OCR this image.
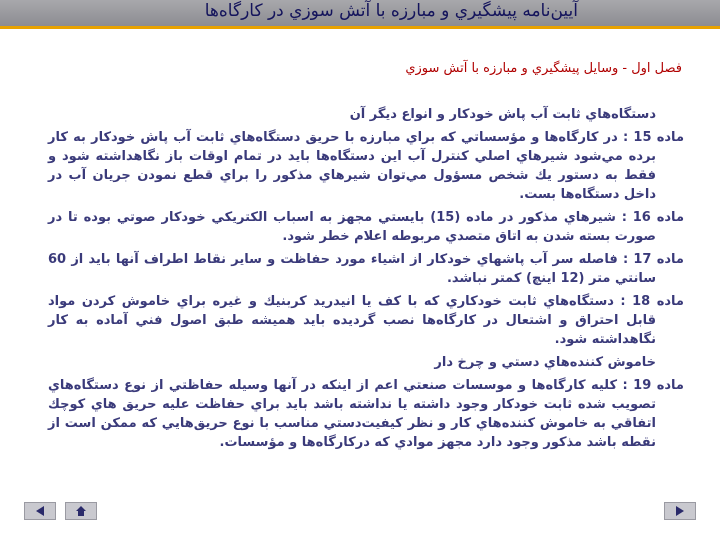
آيين‌نامه پيشگيري و مبارزه با آتش سوزي در كارگاه‌ها
فصل اول - وسايل پيشگيري و مبارزه با آتش سوزي
دستگاه‌هاي ثابت آب پاش خودكار و انواع ديگر آن
ماده 15 : در كارگاه‌ها و مؤسساتي كه براي مبارزه با حريق دستگاه‌هاي ثابت آب پاش خودكار به كار برده مي‌شود شيرهاي اصلي كنترل آب اين دستگاه‌ها بايد در تمام اوقات باز نگاهداشته شود و فقط به دستور يك شخص مسؤول مي‌توان شيرهاي مذكور را براي قطع نمودن جريان آب در داخل دستگاه‌ها بست.
ماده 16 : شيرهاي مذكور در ماده (15) بايستي مجهز به اسباب الكتريكي خودكار صوتي بوده تا در صورت بسته شدن به اتاق متصدي مربوطه اعلام خطر شود.
ماده 17 : فاصله سر آب پاشهاي خودكار از اشياء مورد حفاظت و ساير نقاط اطراف آنها بايد از 60 سانتي متر (12 اينچ) كمتر نباشد.
ماده 18 : دستگاه‌هاي ثابت خودكاري كه با كف يا انيدريد كربنيك و غيره براي خاموش كردن مواد قابل احتراق و اشتعال در كارگاه‌ها نصب گرديده بايد هميشه طبق اصول فني آماده به كار نگاهداشته شود.
خاموش كننده‌هاي دستي و چرخ دار
ماده 19 : كليه كارگاه‌ها و موسسات صنعتي اعم از اينكه در آنها وسيله حفاظتي از نوع دستگاه‌هاي تصويب شده ثابت خودكار وجود داشته يا نداشته باشد بايد براي حفاظت عليه حريق هاي كوچك اتفاقي به خاموش كننده‌هاي كار و نظر كيفيت‌دستي مناسب با نوع حريق‌هايي كه ممكن است از نقطه باشد مذكور وجود دارد مجهز موادي كه دركارگاه‌ها و مؤسسات.
